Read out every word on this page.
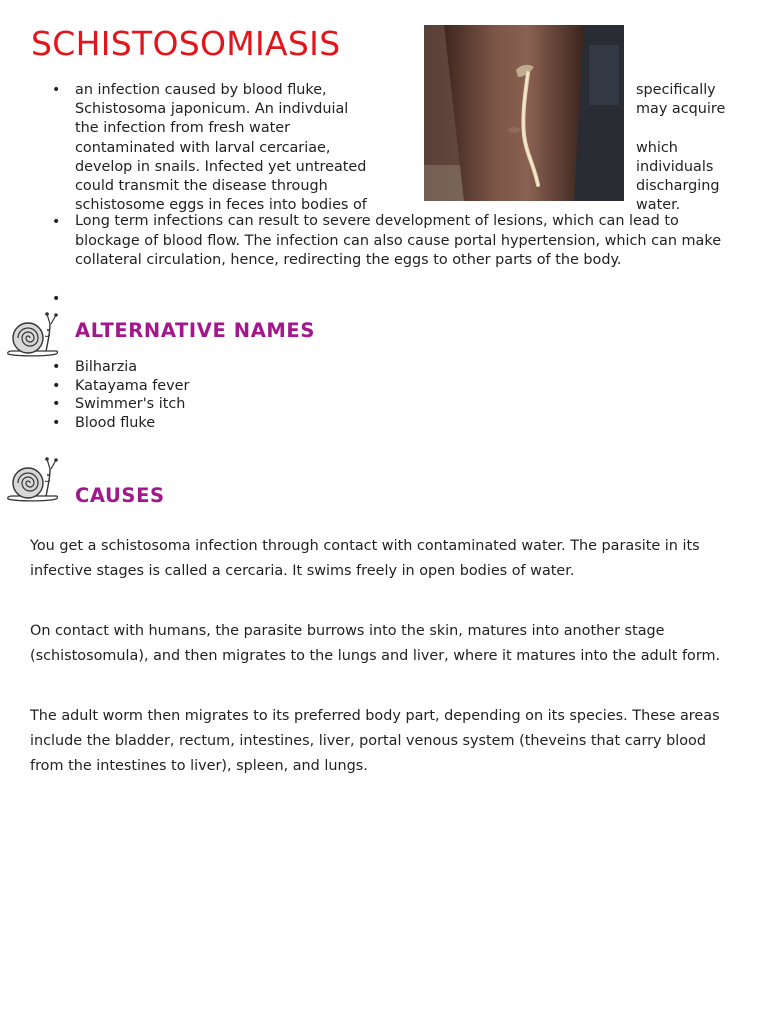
SCHISTOSOMIASIS
•
an infection caused by blood fluke,
Schistosoma japonicum. An indivduial
the infection from fresh water
contaminated with larval cercariae,
develop in snails. Infected yet untreated
could transmit the disease through
schistosome eggs in feces into bodies of
specifically
may acquire
which
individuals
discharging
water.
•
Long term infections can result to severe development of lesions, which can lead to blockage of blood flow. The infection can also cause portal hypertension, which can make collateral circulation, hence, redirecting the eggs to other parts of the body.
•
ALTERNATIVE NAMES
•
Bilharzia
•
Katayama fever
•
Swimmer's itch
•
Blood fluke
CAUSES

You get a schistosoma infection through contact with contaminated water. The parasite in its infective stages is called a cercaria. It swims freely in open bodies of water.

On contact with humans, the parasite burrows into the skin, matures into another stage (schistosomula), and then migrates to the lungs and liver, where it matures into the adult form.

The adult worm then migrates to its preferred body part, depending on its species. These areas include the bladder, rectum, intestines, liver, portal venous system (theveins that carry blood from the intestines to liver), spleen, and lungs.
